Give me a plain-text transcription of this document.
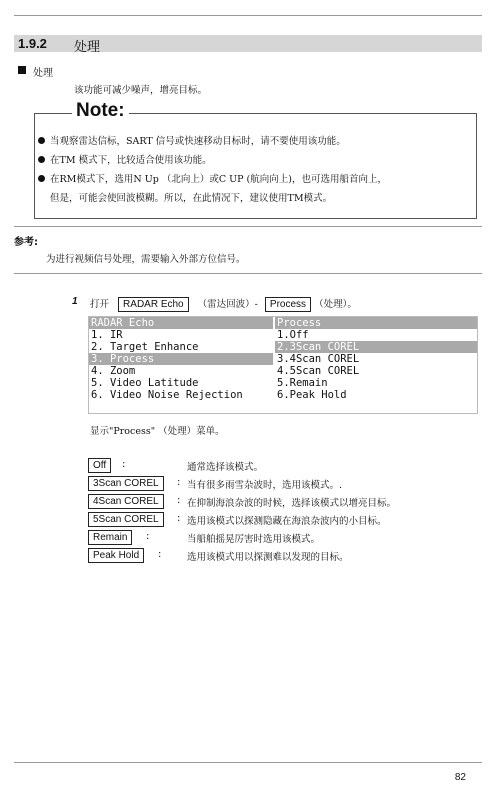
1.9.2 处理
处理
该功能可减少噪声，增亮目标。
Note:
当观察雷达信标，SART 信号或快速移动目标时，请不要使用该功能。
在TM 模式下，比较适合使用该功能。
在RM模式下，选用N Up （北向上）或C UP (航向向上)，也可选用船首向上，
但是，可能会使回波模糊。所以，在此情况下，建议使用TM模式。
参考:
为进行视频信号处理，需要输入外部方位信号。
1 打开 RADAR Echo （雷达回波）- Process （处理）。
RADAR Echo
1. IR
2. Target Enhance
3. Process
4. Zoom
5. Video Latitude
6. Video Noise Rejection
Process
1.Off
2.3Scan COREL
3.4Scan COREL
4.5Scan COREL
5.Remain
6.Peak Hold
显示"Process" （处理）菜单。
Off	:	通常选择该模式。
3Scan COREL	: 当有很多雨雪杂波时，选用该模式。.
4Scan COREL	: 在抑制海浪杂波的时候，选择该模式以增亮目标。
5Scan COREL	: 选用该模式以探测隐藏在海浪杂波内的小目标。
Remain	:	当船舶摇晃厉害时选用该模式。
Peak Hold	:	选用该模式用以探测难以发现的目标。
82
